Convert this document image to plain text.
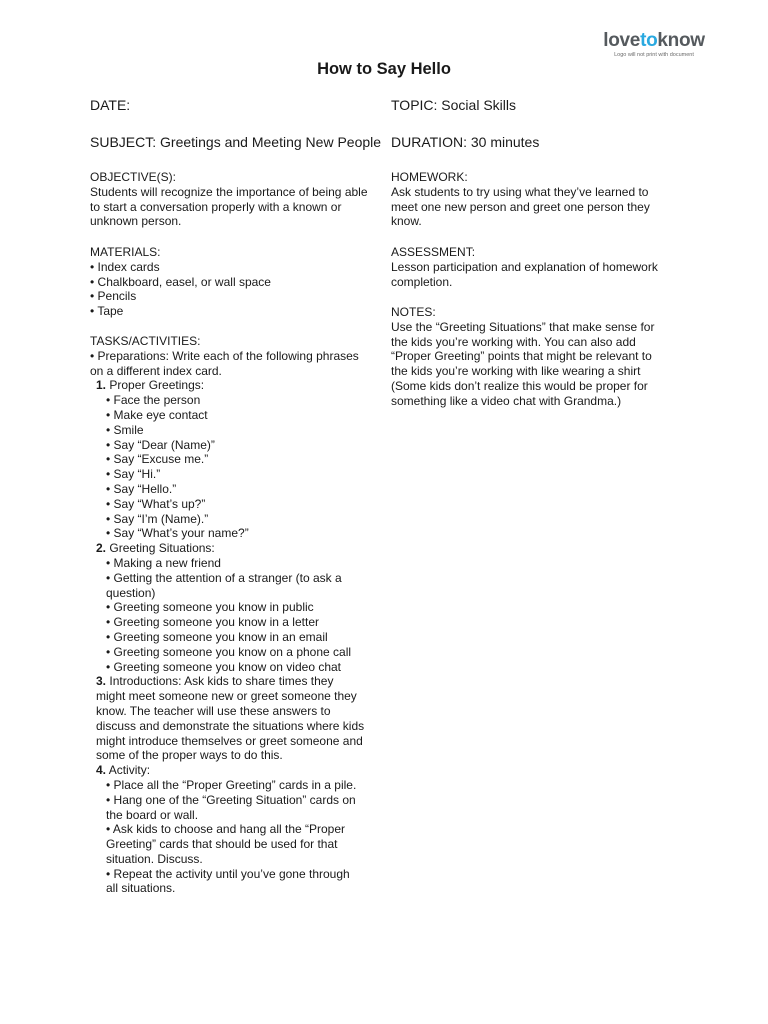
lovetoknow
Logo will not print with document
How to Say Hello
DATE:	TOPIC: Social Skills
SUBJECT: Greetings and Meeting New People DURATION: 30 minutes
OBJECTIVE(S):
Students will recognize the importance of being able
to start a conversation properly with a known or
unknown person.
MATERIALS:
• Index cards
• Chalkboard, easel, or wall space
• Pencils
• Tape
TASKS/ACTIVITIES:
• Preparations: Write each of the following phrases
on a different index card.
1. Proper Greetings:
• Face the person
• Make eye contact
• Smile
• Say “Dear (Name)”
• Say “Excuse me.”
• Say “Hi.”
• Say “Hello.”
• Say “What’s up?”
• Say “I’m (Name).”
• Say “What’s your name?”
2. Greeting Situations:
• Making a new friend
• Getting the attention of a stranger (to ask a
question)
• Greeting someone you know in public
• Greeting someone you know in a letter
• Greeting someone you know in an email
• Greeting someone you know on a phone call
• Greeting someone you know on video chat
3. Introductions: Ask kids to share times they
might meet someone new or greet someone they
know. The teacher will use these answers to
discuss and demonstrate the situations where kids
might introduce themselves or greet someone and
some of the proper ways to do this.
4. Activity:
• Place all the “Proper Greeting” cards in a pile.
• Hang one of the “Greeting Situation” cards on
the board or wall.
• Ask kids to choose and hang all the “Proper
Greeting” cards that should be used for that
situation. Discuss.
• Repeat the activity until you’ve gone through
all situations.
HOMEWORK:
Ask students to try using what they’ve learned to
meet one new person and greet one person they
know.
ASSESSMENT:
Lesson participation and explanation of homework
completion.
NOTES:
Use the “Greeting Situations” that make sense for
the kids you’re working with. You can also add
“Proper Greeting” points that might be relevant to
the kids you’re working with like wearing a shirt
(Some kids don’t realize this would be proper for
something like a video chat with Grandma.)
